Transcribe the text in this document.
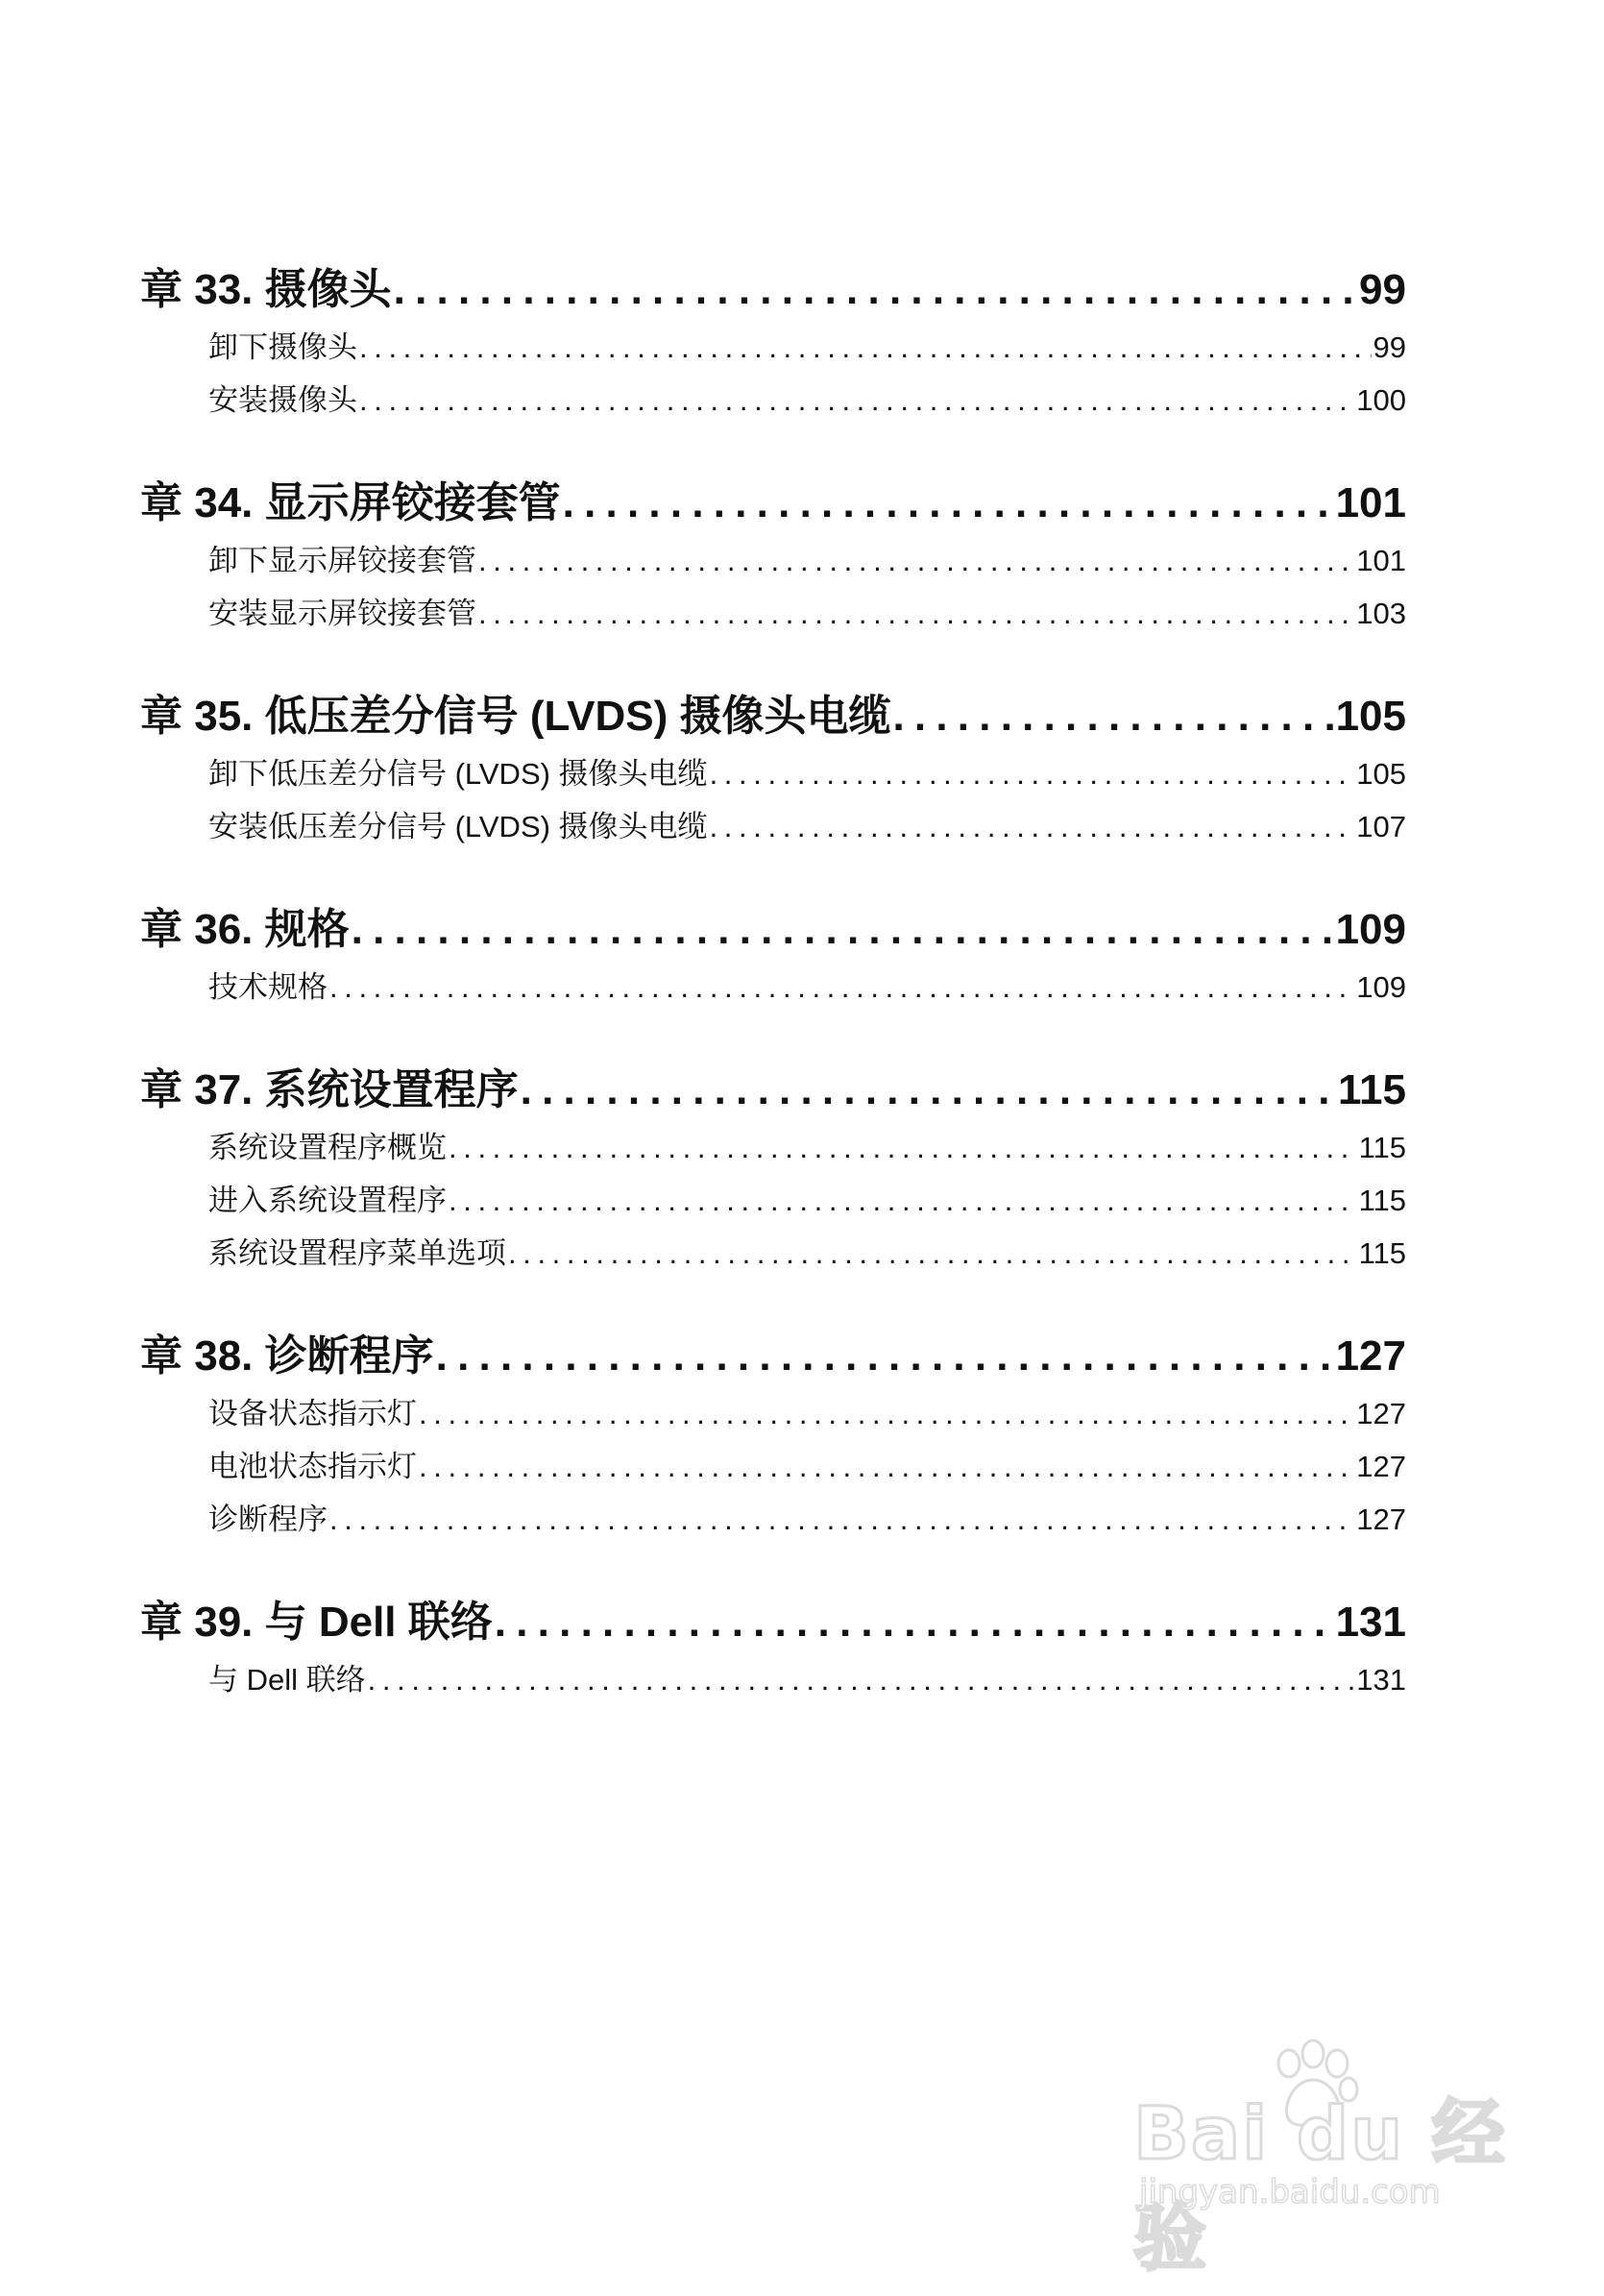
章 33. 摄像头 . . .	99
卸下摄像头 . . .	99
安装摄像头 . . .	100
章 34. 显示屏铰接套管 . . .	101
卸下显示屏铰接套管 . . .	101
安装显示屏铰接套管 . . .	103
章 35. 低压差分信号 (LVDS) 摄像头电缆 . . .	105
卸下低压差分信号 (LVDS) 摄像头电缆 . . .	105
安装低压差分信号 (LVDS) 摄像头电缆 . . .	107
章 36. 规格 . . .	109
技术规格 . . .	109
章 37. 系统设置程序 . . .	115
系统设置程序概览 . . .	115
进入系统设置程序 . . .	115
系统设置程序菜单选项 . . .	115
章 38. 诊断程序 . . .	127
设备状态指示灯 . . .	127
电池状态指示灯 . . .	127
诊断程序 . . .	127
章 39. 与 Dell 联络 . . .	131
与 Dell 联络 . . .	131
Bai du 经验
jingyan.baidu.com
